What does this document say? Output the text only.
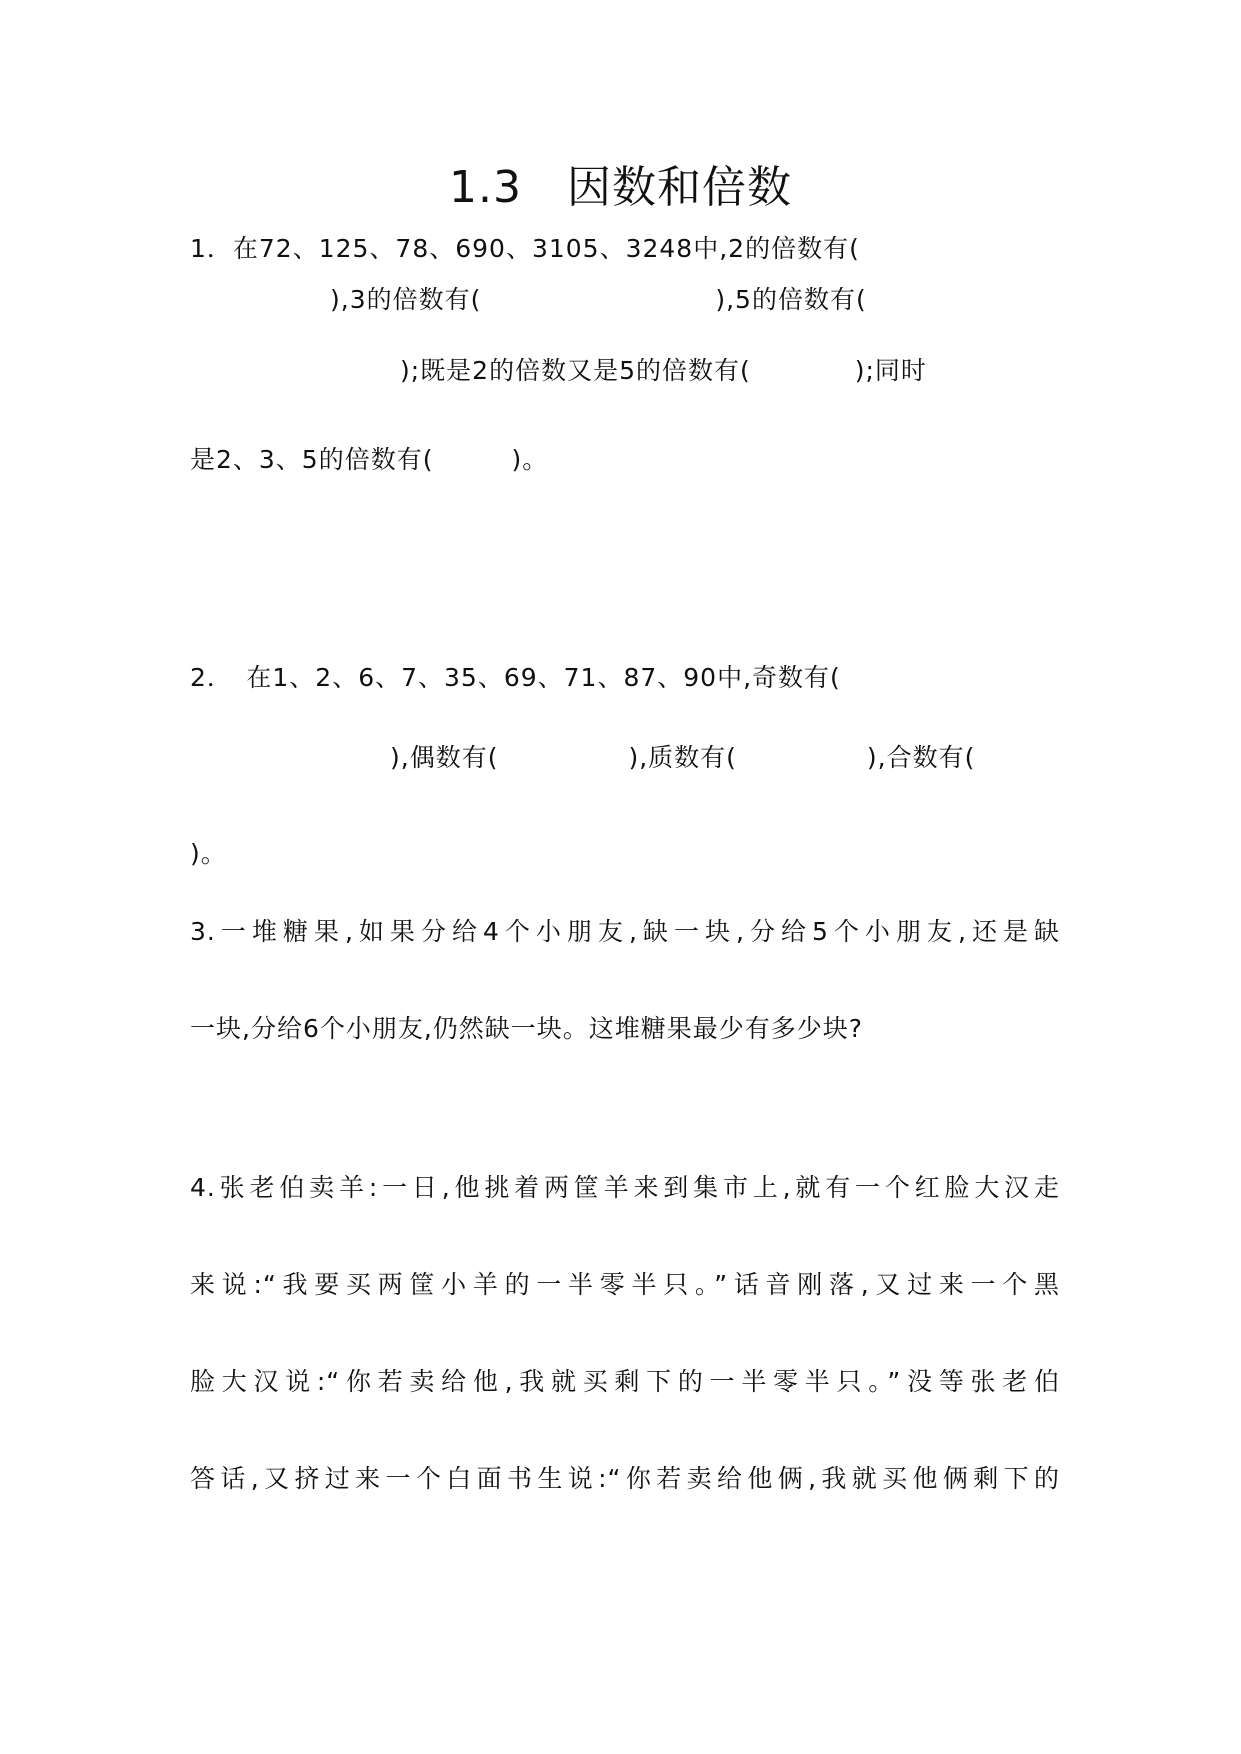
1.3　因数和倍数
1．在72、125、78、690、3105、3248中,2的倍数有(
),3的倍数有(　　　　　　　　　),5的倍数有(
);既是2的倍数又是5的倍数有(　　　　);同时
是2、3、5的倍数有(　　　)。
2． 在1、2、6、7、35、69、71、87、90中,奇数有(
),偶数有(　　　　　),质数有(　　　　　),合数有(
)。
3.一堆糖果,如果分给4个小朋友,缺一块,分给5个小朋友,还是缺
一块,分给6个小朋友,仍然缺一块。这堆糖果最少有多少块?
4.张老伯卖羊:一日,他挑着两筐羊来到集市上,就有一个红脸大汉走
来说:“我要买两筐小羊的一半零半只。”话音刚落,又过来一个黑
脸大汉说:“你若卖给他,我就买剩下的一半零半只。”没等张老伯
答话,又挤过来一个白面书生说:“你若卖给他俩,我就买他俩剩下的
